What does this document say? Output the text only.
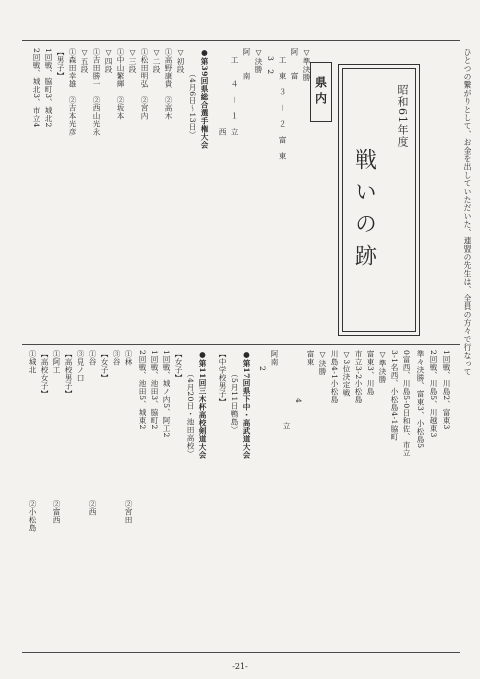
ひとつの繋がりとして、お金を出していただいた、連盟の先生は、全員の方々で行なって
県内	昭和61年度
戦いの跡
1回戦、川島2、富東3
2回戦、川島5、川越東3
準々決勝、富東3、小松島5
▽準決勝
阿　　富
　工　東　３　－　２　富　東
　3　2　　　　　　
▽決勝
阿　　南
　工　　４　－　１　立　　
　　　　　　　　　　西
●第39回県総合選手権大会
（4月6日～13日）
▽初段
①高野康貴　②高木
▽二段
①松田明弘　②宮内
▽三段
①中山繁輝　②坂本
▽四段
①吉田勝一　②西山光永
▽五段
①森田幸雄　②吉本光彦
【男子】
1回戦、脇町3、城北2
2回戦、城北3、市立4
●第11回三木杯高校剣道大会
（4月20日・池田高校）
【女子】
1回戦、城ノ内5、阿工2
1回戦、池田3、脇町2
2回戦、池田5、城東2	0富西、川島5-0日和佐、市立
3-1名西、小松島4-1脇町
▽準決勝
富東3、川島
市立3-2小松島
▽3位決定戦
川島4-1小松島
▽決勝
富東
　　　　　　4
　　　　　　　　　立
阿南
　　2　　　　　　　　
●第17回県下中・高武道大会
（5月11日鴨島）
【中学校男子】
①林
②宮田
③谷
【女子】
①谷
②西
③見ノ口
【高校男子】
①阿工
②富西
【高校女子】
①城北
②小松島
-21-
